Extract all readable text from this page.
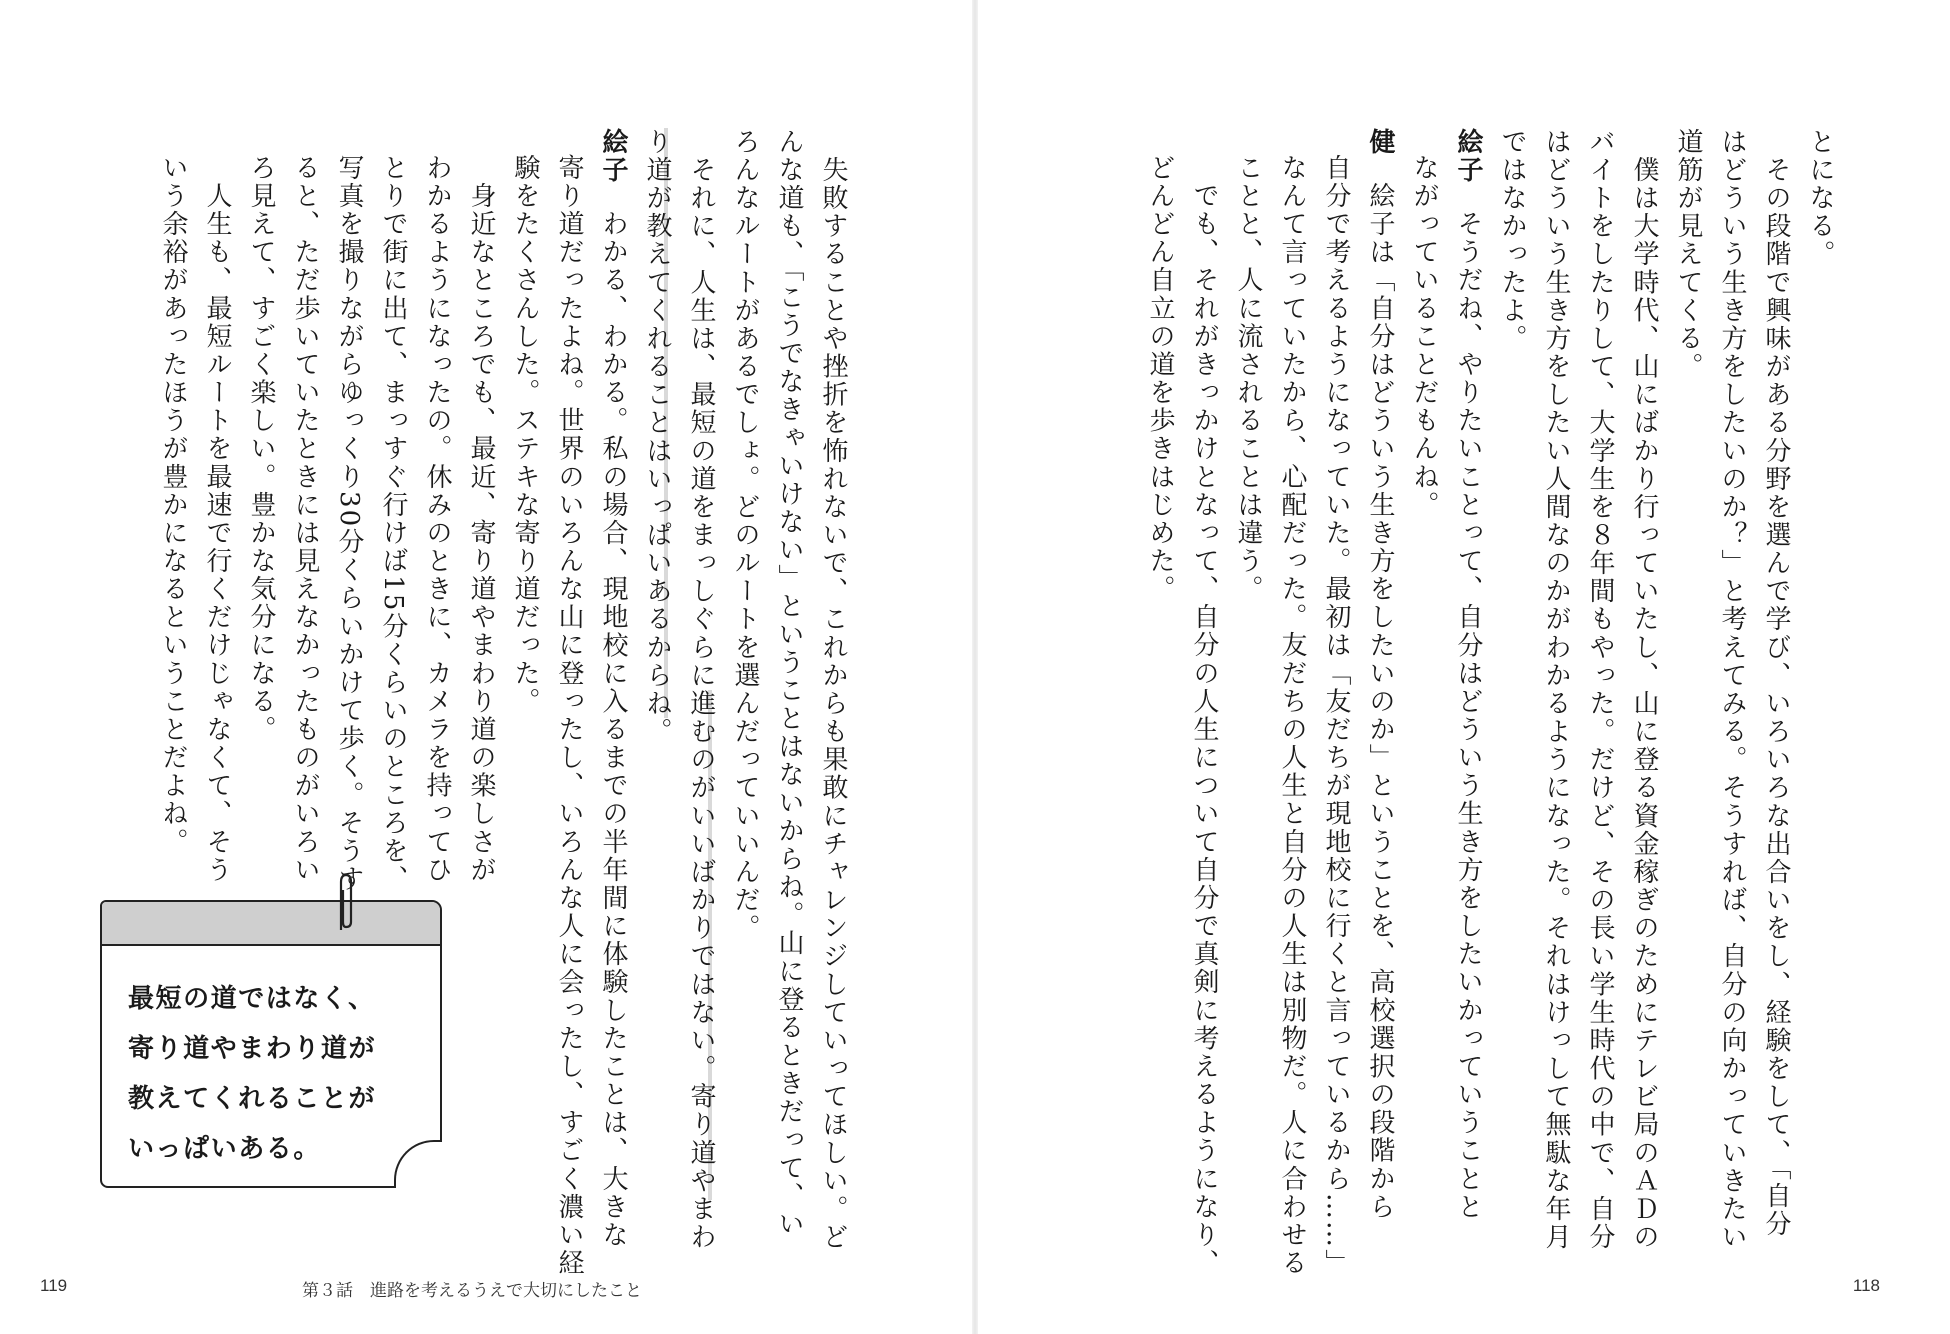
とになる。

　その段階で興味がある分野を選んで学び、いろいろな出合いをし、経験をして、「自分

はどういう生き方をしたいのか？」と考えてみる。そうすれば、自分の向かっていきたい

道筋が見えてくる。

　僕は大学時代、山にばかり行っていたし、山に登る資金稼ぎのためにテレビ局のＡＤの

バイトをしたりして、大学生を８年間もやった。だけど、その長い学生時代の中で、自分

はどういう生き方をしたい人間なのかがわかるようになった。それはけっして無駄な年月

ではなかったよ。

絵子そうだね、やりたいことって、自分はどういう生き方をしたいかっていうことと

ながっていることだもんね。

健絵子は「自分はどういう生き方をしたいのか」ということを、高校選択の段階から

自分で考えるようになっていた。最初は「友だちが現地校に行くと言っているから……」

なんて言っていたから、心配だった。友だちの人生と自分の人生は別物だ。人に合わせる

ことと、人に流されることは違う。

　でも、それがきっかけとなって、自分の人生について自分で真剣に考えるようになり、

どんどん自立の道を歩きはじめた。

118

　失敗することや挫折を怖れないで、これからも果敢にチャレンジしていってほしい。ど

んな道も、「こうでなきゃいけない」ということはないからね。山に登るときだって、い

ろんなルートがあるでしょ。どのルートを選んだっていいんだ。

　それに、人生は、最短の道をまっしぐらに進むのがいいばかりではない。寄り道やまわ

り道が教えてくれることはいっぱいあるからね。

絵子わかる、わかる。私の場合、現地校に入るまでの半年間に体験したことは、大きな

寄り道だったよね。世界のいろんな山に登ったし、いろんな人に会ったし、すごく濃い経

験をたくさんした。ステキな寄り道だった。

　身近なところでも、最近、寄り道やまわり道の楽しさが

わかるようになったの。休みのときに、カメラを持ってひ

とりで街に出て、まっすぐ行けば15分くらいのところを、

写真を撮りながらゆっくり30分くらいかけて歩く。そうす

ると、ただ歩いていたときには見えなかったものがいろい

ろ見えて、すごく楽しい。豊かな気分になる。

　人生も、最短ルートを最速で行くだけじゃなくて、そう

いう余裕があったほうが豊かになるということだよね。

最短の道ではなく、
寄り道やまわり道が
教えてくれることが
いっぱいある。
119	第３話　進路を考えるうえで大切にしたこと
